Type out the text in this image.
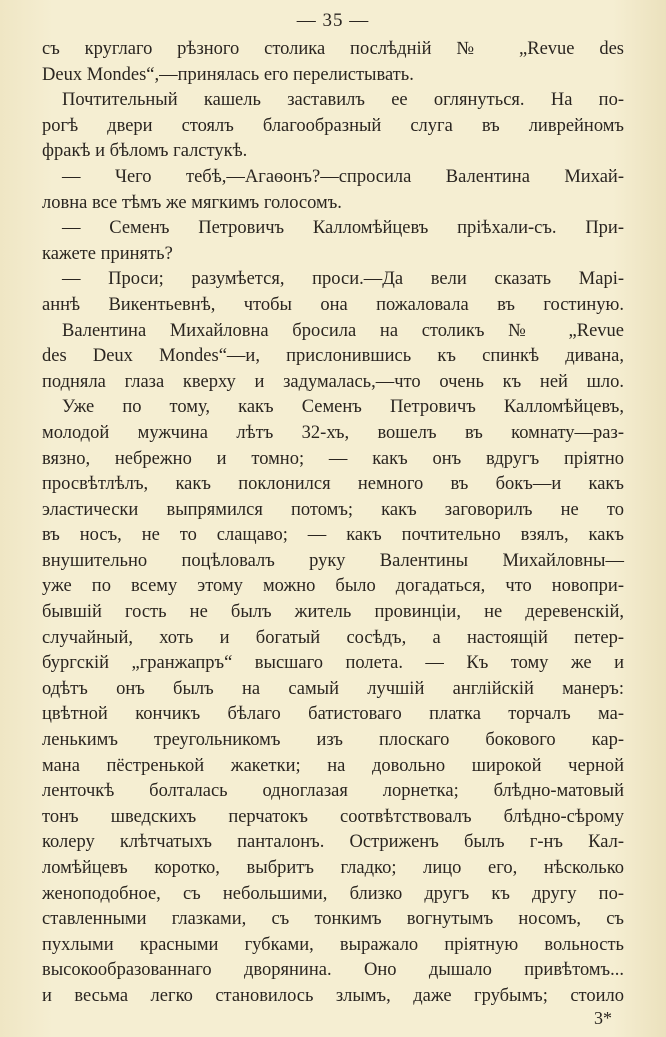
— 35 —
съ круглаго рѣзного столика послѣдній № „Revue des
Deux Mondes“,—принялась его перелистывать.
Почтительный кашель заставилъ ее оглянуться. На по-
рогѣ двери стоялъ благообразный слуга въ ливрейномъ
фракѣ и бѣломъ галстукѣ.
— Чего тебѣ,—Агаѳонъ?—спросила Валентина Михай-
ловна все тѣмъ же мягкимъ голосомъ.
— Семенъ Петровичъ Калломѣйцевъ пріѣхали-съ. При-
кажете принять?
— Проси; разумѣется, проси.—Да вели сказать Марі-
аннѣ Викентьевнѣ, чтобы она пожаловала въ гостиную.
Валентина Михайловна бросила на столикъ № „Revue
des Deux Mondes“—и, прислонившись къ спинкѣ дивана,
подняла глаза кверху и задумалась,—что очень къ ней шло.
Уже по тому, какъ Семенъ Петровичъ Калломѣйцевъ,
молодой мужчина лѣтъ 32-хъ, вошелъ въ комнату—раз-
вязно, небрежно и томно; — какъ онъ вдругъ пріятно
просвѣтлѣлъ, какъ поклонился немного въ бокъ—и какъ
эластически выпрямился потомъ; какъ заговорилъ не то
въ носъ, не то слащаво; — какъ почтительно взялъ, какъ
внушительно поцѣловалъ руку Валентины Михайловны—
уже по всему этому можно было догадаться, что новопри-
бывшій гость не былъ житель провинціи, не деревенскій,
случайный, хоть и богатый сосѣдъ, а настоящій петер-
бургскій „гранжапръ“ высшаго полета. — Къ тому же и
одѣтъ онъ былъ на самый лучшій англійскій манеръ:
цвѣтной кончикъ бѣлаго батистоваго платка торчалъ ма-
ленькимъ треугольникомъ изъ плоскаго бокового кар-
мана пёстренькой жакетки; на довольно широкой черной
ленточкѣ болталась одноглазая лорнетка; блѣдно-матовый
тонъ шведскихъ перчатокъ соотвѣтствовалъ блѣдно-сѣрому
колеру клѣтчатыхъ панталонъ. Остриженъ былъ г-нъ Кал-
ломѣйцевъ коротко, выбритъ гладко; лицо его, нѣсколько
женоподобное, съ небольшими, близко другъ къ другу по-
ставленными глазками, съ тонкимъ вогнутымъ носомъ, съ
пухлыми красными губками, выражало пріятную вольность
высокообразованнаго дворянина. Оно дышало привѣтомъ...
и весьма легко становилось злымъ, даже грубымъ; стоило
3*
